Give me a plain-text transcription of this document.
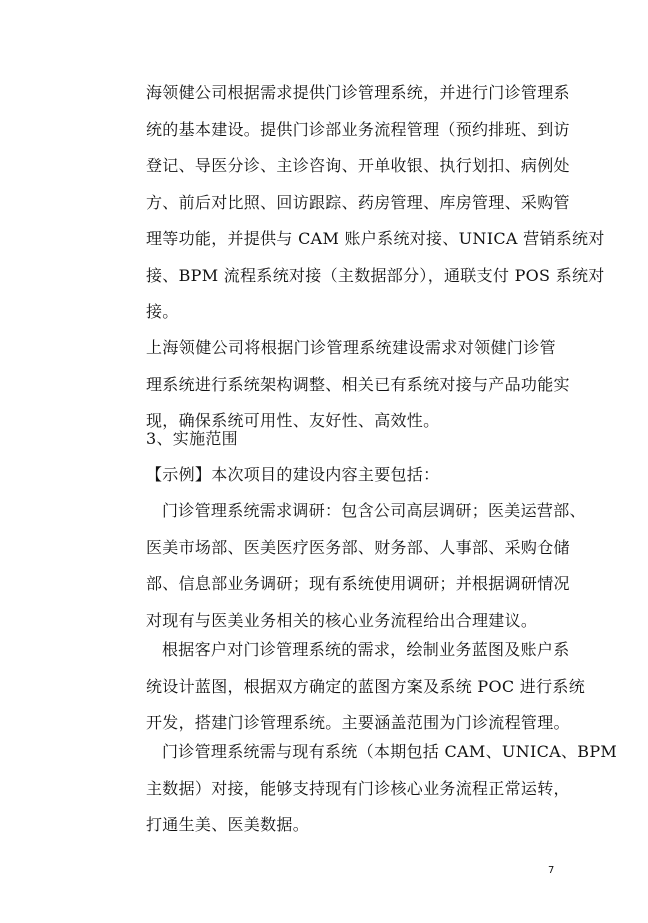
海领健公司根据需求提供门诊管理系统，并进行门诊管理系
统的基本建设。提供门诊部业务流程管理（预约排班、到访
登记、导医分诊、主诊咨询、开单收银、执行划扣、病例处
方、前后对比照、回访跟踪、药房管理、库房管理、采购管
理等功能，并提供与 CAM 账户系统对接、UNICA 营销系统对
接、BPM 流程系统对接（主数据部分），通联支付 POS 系统对
接。
上海领健公司将根据门诊管理系统建设需求对领健门诊管
理系统进行系统架构调整、相关已有系统对接与产品功能实
现，确保系统可用性、友好性、高效性。
3、实施范围
【示例】本次项目的建设内容主要包括：
门诊管理系统需求调研：包含公司高层调研；医美运营部、
医美市场部、医美医疗医务部、财务部、人事部、采购仓储
部、信息部业务调研；现有系统使用调研；并根据调研情况
对现有与医美业务相关的核心业务流程给出合理建议。
根据客户对门诊管理系统的需求，绘制业务蓝图及账户系
统设计蓝图，根据双方确定的蓝图方案及系统 POC 进行系统
开发，搭建门诊管理系统。主要涵盖范围为门诊流程管理。
门诊管理系统需与现有系统（本期包括 CAM、UNICA、BPM
主数据）对接，能够支持现有门诊核心业务流程正常运转，
打通生美、医美数据。
7
